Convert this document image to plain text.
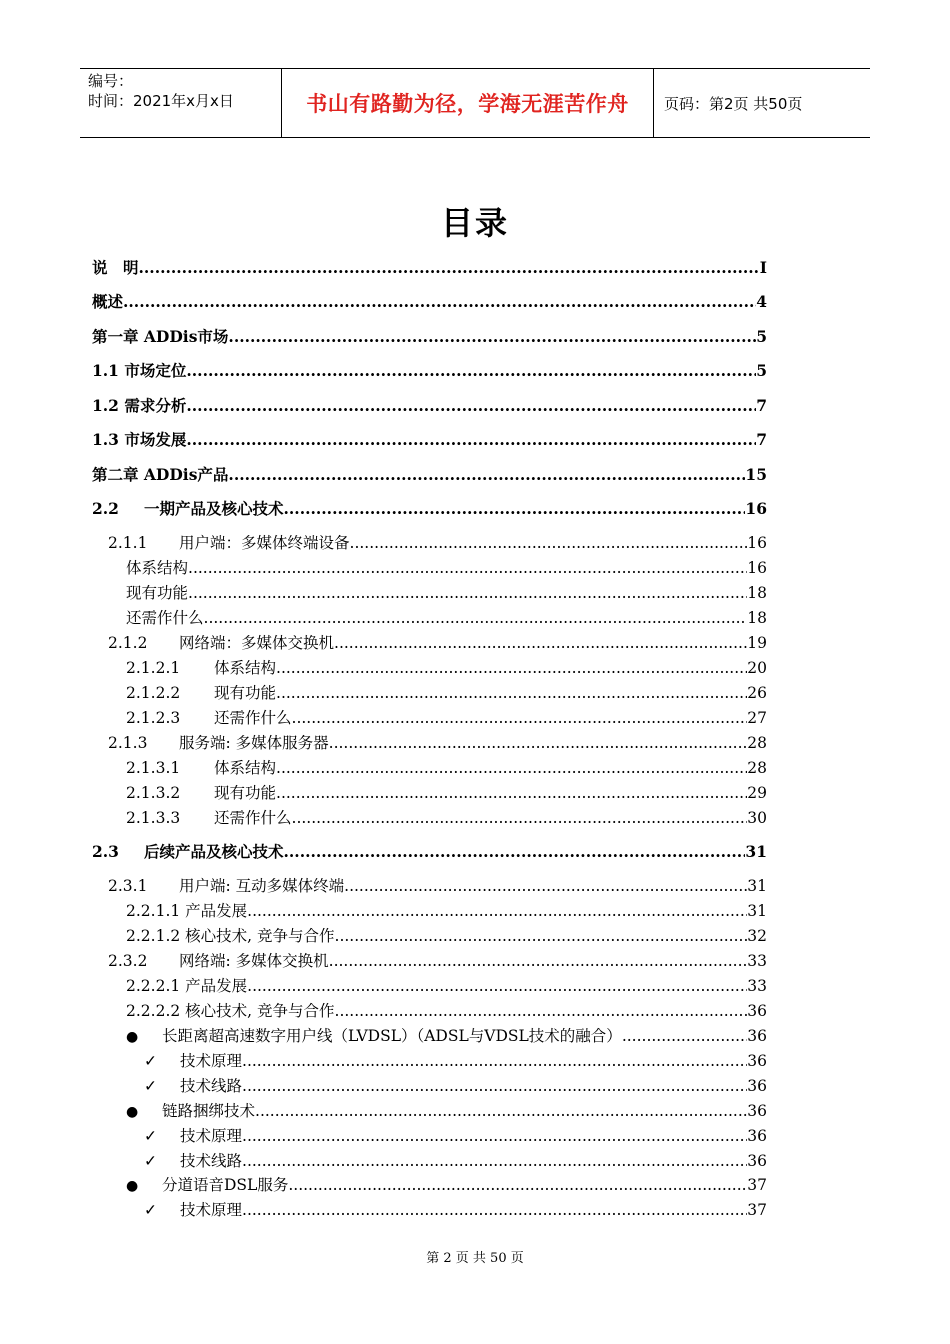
编号：
时间：2021年x月x日	书山有路勤为径，学海无涯苦作舟	页码：第2页 共50页
目录
说　明 .....	I
概述 .....	4
第一章 ADDis市场 .....	5
1.1 市场定位 .....	5
1.2 需求分析 .....	7
1.3 市场发展 .....	7
第二章 ADDis产品 .....	15
2.2	一期产品及核心技术 .....	16
2.1.1	用户端：多媒体终端设备 .....	16
体系结构 .....	16
现有功能 .....	18
还需作什么 .....	18
2.1.2	网络端：多媒体交换机 .....	19
2.1.2.1	体系结构 .....	20
2.1.2.2	现有功能 .....	26
2.1.2.3	还需作什么 .....	27
2.1.3	服务端: 多媒体服务器 .....	28
2.1.3.1	体系结构 .....	28
2.1.3.2	现有功能 .....	29
2.1.3.3	还需作什么 .....	30
2.3	后续产品及核心技术 .....	31
2.3.1	用户端: 互动多媒体终端 .....	31
2.2.1.1 产品发展 .....	31
2.2.1.2 核心技术, 竞争与合作 .....	32
2.3.2	网络端: 多媒体交换机 .....	33
2.2.2.1 产品发展 .....	33
2.2.2.2 核心技术, 竞争与合作 .....	36
●	长距离超高速数字用户线（LVDSL）（ADSL与VDSL技术的融合） .....	36
✓	技术原理 .....	36
✓	技术线路 .....	36
●	链路捆绑技术 .....	36
✓	技术原理 .....	36
✓	技术线路 .....	36
●	分道语音DSL服务 .....	37
✓	技术原理 .....	37
第 2 页 共 50 页
